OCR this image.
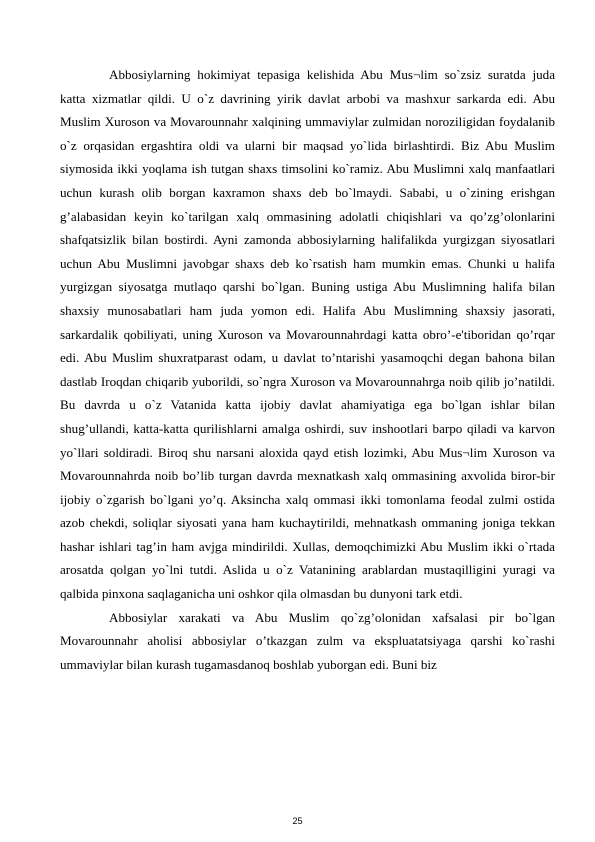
Abbosiylarning hokimiyat tepasiga kelishida Abu Mus¬lim so`zsiz suratda juda katta xizmatlar qildi. U o`z davrining yirik davlat arbobi va mashxur sarkarda edi. Abu Muslim Xuroson va Movarounnahr xalqining ummaviylar zulmidan noroziligidan foydalanib o`z orqasidan ergashtira oldi va ularni bir maqsad yo`lida birlashtirdi. Biz Abu Muslim siymosida ikki yoqlama ish tutgan shaxs timsolini ko`ramiz. Abu Muslimni xalq manfaatlari uchun kurash olib borgan kaxramon shaxs deb bo`lmaydi. Sababi, u o`zining erishgan g’alabasidan keyin ko`tarilgan xalq ommasining adolatli chiqishlari va qo’zg’olonlarini shafqatsizlik bilan bostirdi. Ayni zamonda abbosiylarning halifalikda yurgizgan siyosatlari uchun Abu Muslimni javobgar shaxs deb ko`rsatish ham mumkin emas. Chunki u halifa yurgizgan siyosatga mutlaqo qarshi bo`lgan. Buning ustiga Abu Muslimning halifa bilan shaxsiy munosabatlari ham juda yomon edi. Halifa Abu Muslimning shaxsiy jasorati, sarkardalik qobiliyati, uning Xuroson va Movarounnahrdagi katta obro’-e'tiboridan qo’rqar edi. Abu Muslim shuxratparast odam, u davlat to’ntarishi yasamoqchi degan bahona bilan dastlab Iroqdan chiqarib yuborildi, so`ngra Xuroson va Movarounnahrga noib qilib jo’natildi. Bu davrda u o`z Vatanida katta ijobiy davlat ahamiyatiga ega bo`lgan ishlar bilan shug’ullandi, katta-katta qurilishlarni amalga oshirdi, suv inshootlari barpo qiladi va karvon yo`llari soldiradi. Biroq shu narsani aloxida qayd etish lozimki, Abu Mus¬lim Xuroson va Movarounnahrda noib bo’lib turgan davrda mexnatkash xalq ommasining axvolida biror-bir ijobiy o`zgarish bo`lgani yo’q. Aksincha xalq ommasi ikki tomonlama feodal zulmi ostida azob chekdi, soliqlar siyosati yana ham kuchaytirildi, mehnatkash ommaning joniga tekkan hashar ishlari tag’in ham avjga mindirildi. Xullas, demoqchimizki Abu Muslim ikki o`rtada arosatda qolgan yo`lni tutdi. Aslida u o`z Vatanining arablardan mustaqilligini yuragi va qalbida pinxona saqlaganicha uni oshkor qila olmasdan bu dunyoni tark etdi.

Abbosiylar xarakati va Abu Muslim qo`zg’olonidan xafsalasi pir bo`lgan Movarounnahr aholisi abbosiylar o’tkazgan zulm va ekspluatatsiyaga qarshi ko`rashi ummaviylar bilan kurash tugamasdanoq boshlab yuborgan edi. Buni biz

25
